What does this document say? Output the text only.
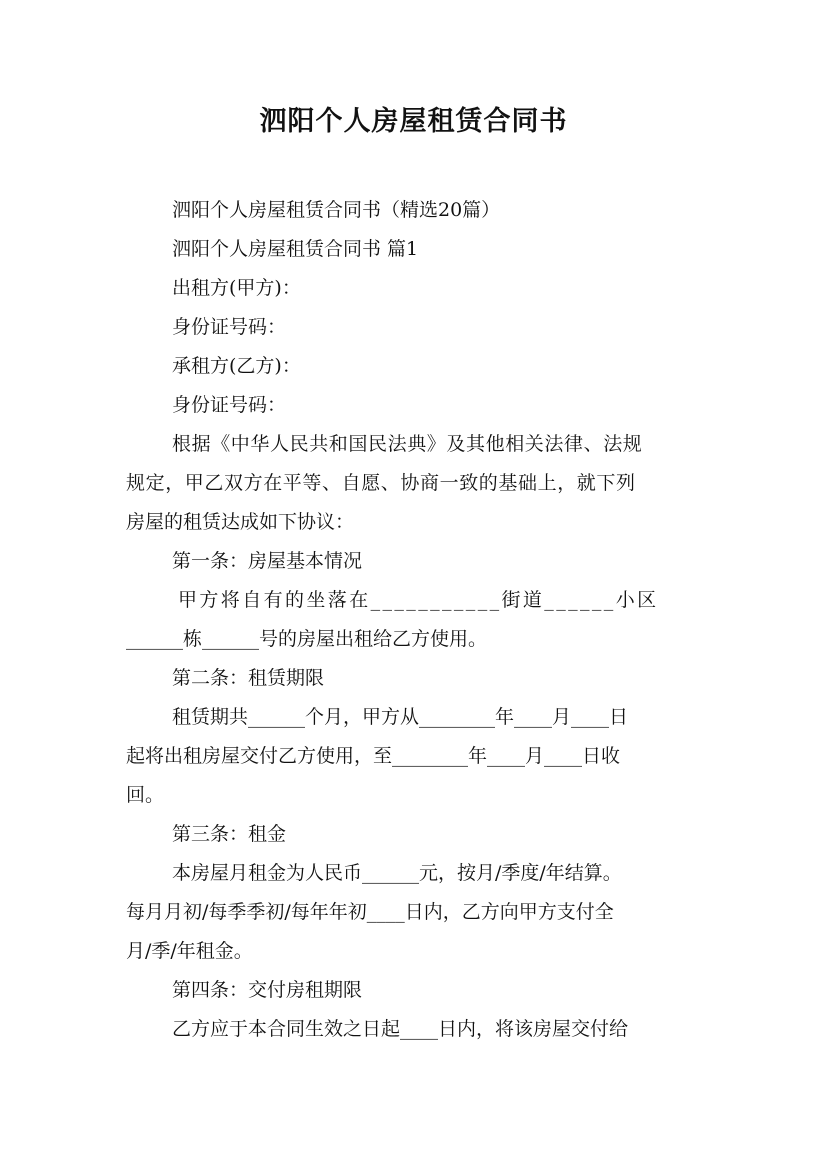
泗阳个人房屋租赁合同书

泗阳个人房屋租赁合同书（精选20篇）

泗阳个人房屋租赁合同书 篇1

出租方(甲方)：

身份证号码：

承租方(乙方)：

身份证号码：

根据《中华人民共和国民法典》及其他相关法律、法规

规定，甲乙双方在平等、自愿、协商一致的基础上，就下列

房屋的租赁达成如下协议：

第一条：房屋基本情况

甲方将自有的坐落在___________街道______小区

______栋______号的房屋出租给乙方使用。

第二条：租赁期限

租赁期共______个月，甲方从________年____月____日

起将出租房屋交付乙方使用，至________年____月____日收

回。

第三条：租金

本房屋月租金为人民币______元，按月/季度/年结算。

每月月初/每季季初/每年年初____日内，乙方向甲方支付全

月/季/年租金。

第四条：交付房租期限

乙方应于本合同生效之日起____日内，将该房屋交付给
